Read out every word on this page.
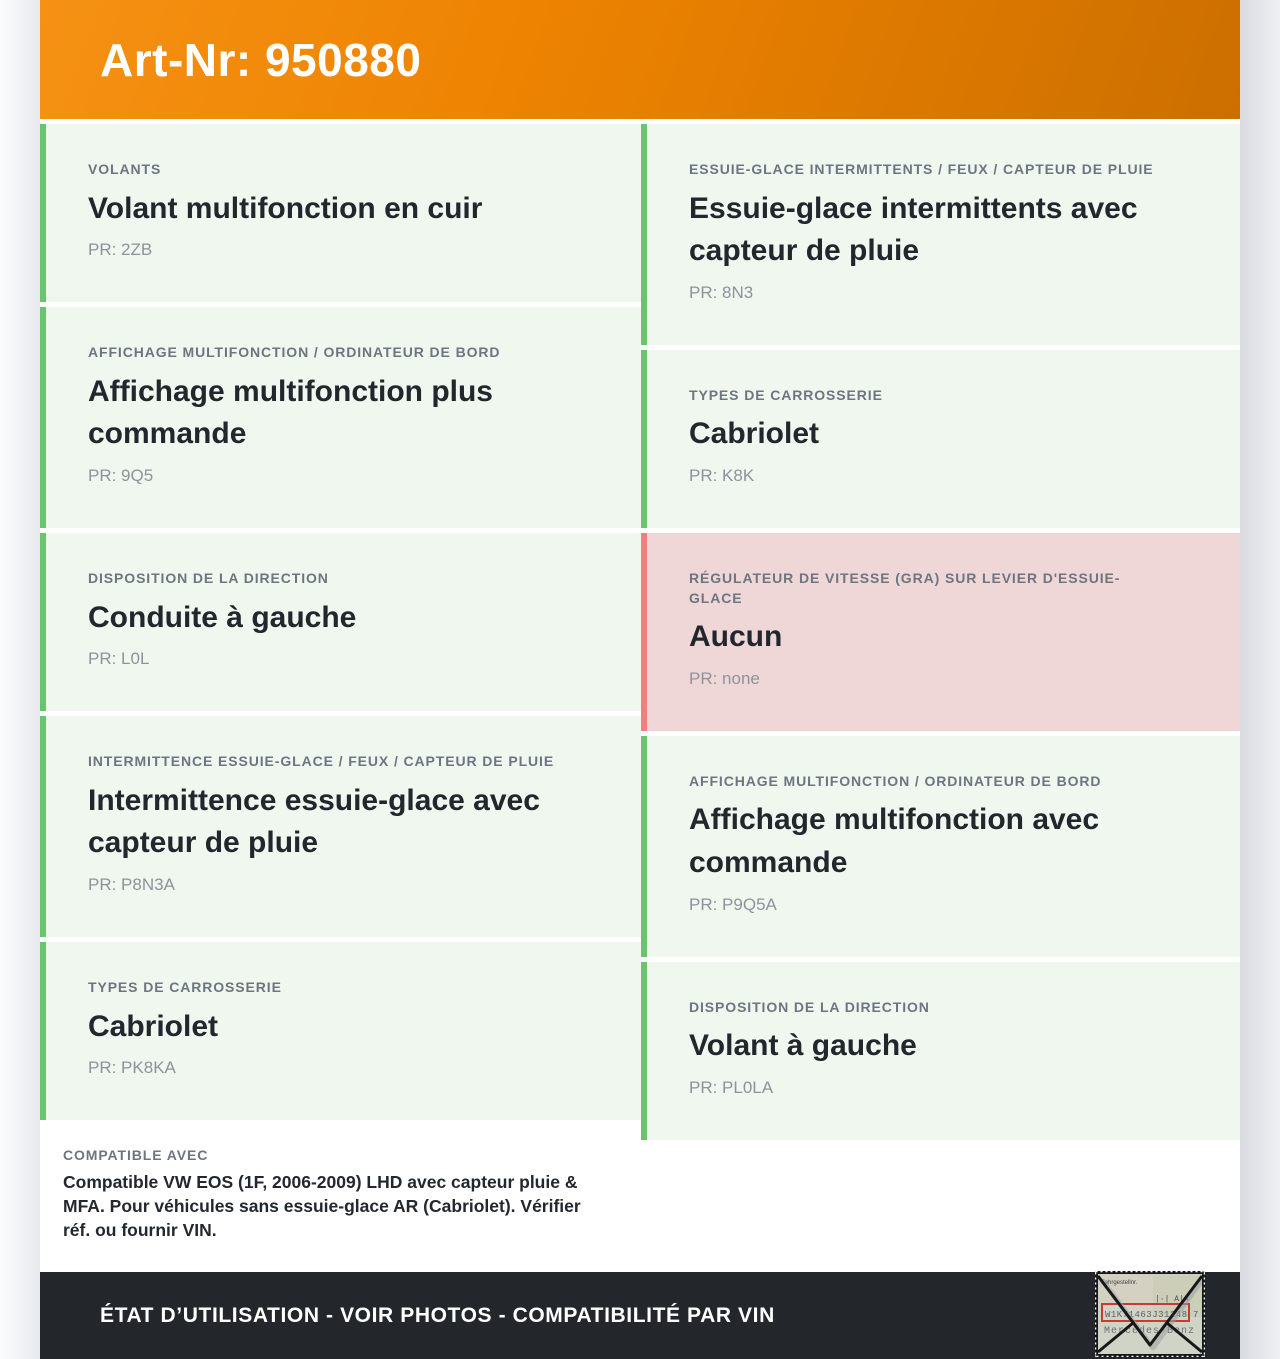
Art-Nr: 950880
VOLANTS
Volant multifonction en cuir
PR: 2ZB
AFFICHAGE MULTIFONCTION / ORDINATEUR DE BORD
Affichage multifonction plus commande
PR: 9Q5
DISPOSITION DE LA DIRECTION
Conduite à gauche
PR: L0L
INTERMITTENCE ESSUIE-GLACE / FEUX / CAPTEUR DE PLUIE
Intermittence essuie-glace avec capteur de pluie
PR: P8N3A
TYPES DE CARROSSERIE
Cabriolet
PR: PK8KA
COMPATIBLE AVEC
Compatible VW EOS (1F, 2006-2009) LHD avec capteur pluie & MFA. Pour véhicules sans essuie-glace AR (Cabriolet). Vérifier réf. ou fournir VIN.
ESSUIE-GLACE INTERMITTENTS / FEUX / CAPTEUR DE PLUIE
Essuie-glace intermittents avec capteur de pluie
PR: 8N3
TYPES DE CARROSSERIE
Cabriolet
PR: K8K
RÉGULATEUR DE VITESSE (GRA) SUR LEVIER D'ESSUIE-GLACE
Aucun
PR: none
AFFICHAGE MULTIFONCTION / ORDINATEUR DE BORD
Affichage multifonction avec commande
PR: P9Q5A
DISPOSITION DE LA DIRECTION
Volant à gauche
PR: PL0LA
ÉTAT D’UTILISATION - VOIR PHOTOS - COMPATIBILITÉ PAR VIN
Fahrgestellnr.
|·| A|A
W1K71463J31248 7
Mercedes-Benz
